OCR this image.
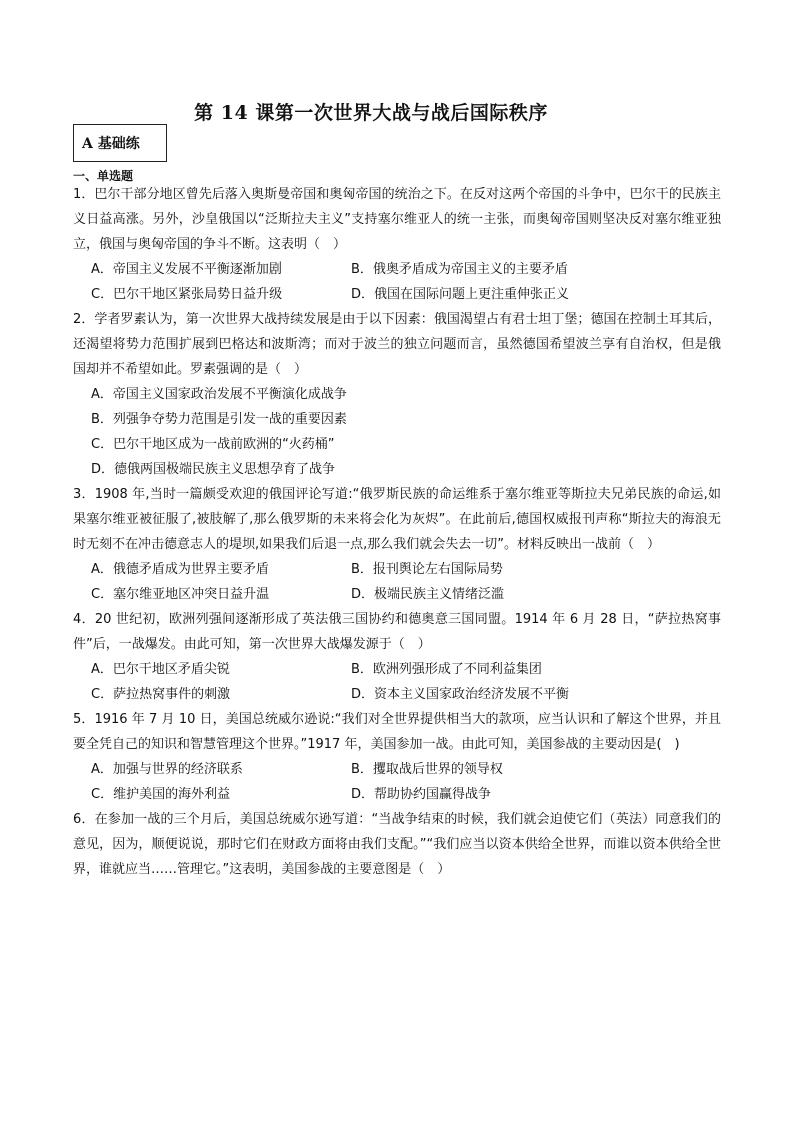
第 14 课第一次世界大战与战后国际秩序
A 基础练
一、单选题
1．巴尔干部分地区曾先后落入奥斯曼帝国和奥匈帝国的统治之下。在反对这两个帝国的斗争中，巴尔干的民族主义日益高涨。另外，沙皇俄国以“泛斯拉夫主义”支持塞尔维亚人的统一主张，而奥匈帝国则坚决反对塞尔维亚独立，俄国与奥匈帝国的争斗不断。这表明（　）
A．帝国主义发展不平衡逐渐加剧	B．俄奥矛盾成为帝国主义的主要矛盾
C．巴尔干地区紧张局势日益升级	D．俄国在国际问题上更注重伸张正义
2．学者罗素认为，第一次世界大战持续发展是由于以下因素：俄国渴望占有君士坦丁堡；德国在控制土耳其后，还渴望将势力范围扩展到巴格达和波斯湾；而对于波兰的独立问题而言，虽然德国希望波兰享有自治权，但是俄国却并不希望如此。罗素强调的是（　）
A．帝国主义国家政治发展不平衡演化成战争
B．列强争夺势力范围是引发一战的重要因素
C．巴尔干地区成为一战前欧洲的“火药桶”
D．德俄两国极端民族主义思想孕育了战争
3．1908 年,当时一篇颇受欢迎的俄国评论写道:“俄罗斯民族的命运维系于塞尔维亚等斯拉夫兄弟民族的命运,如果塞尔维亚被征服了,被肢解了,那么俄罗斯的未来将会化为灰烬”。在此前后,德国权威报刊声称“斯拉夫的海浪无时无刻不在冲击德意志人的堤坝,如果我们后退一点,那么我们就会失去一切”。材料反映出一战前（　）
A．俄德矛盾成为世界主要矛盾	B．报刊舆论左右国际局势
C．塞尔维亚地区冲突日益升温	D．极端民族主义情绪泛滥
4．20 世纪初，欧洲列强间逐渐形成了英法俄三国协约和德奥意三国同盟。1914 年 6 月 28 日，“萨拉热窝事件”后，一战爆发。由此可知，第一次世界大战爆发源于（　）
A．巴尔干地区矛盾尖锐	B．欧洲列强形成了不同利益集团
C．萨拉热窝事件的刺激	D．资本主义国家政治经济发展不平衡
5．1916 年 7 月 10 日，美国总统威尔逊说:“我们对全世界提供相当大的款项，应当认识和了解这个世界，并且要全凭自己的知识和智慧管理这个世界。”1917 年，美国参加一战。由此可知，美国参战的主要动因是(　)
A．加强与世界的经济联系	B．攫取战后世界的领导权
C．维护美国的海外利益	D．帮助协约国赢得战争
6．在参加一战的三个月后，美国总统威尔逊写道：“当战争结束的时候，我们就会迫使它们（英法）同意我们的意见，因为，顺便说说，那时它们在财政方面将由我们支配。”“我们应当以资本供给全世界，而谁以资本供给全世界，谁就应当……管理它。”这表明，美国参战的主要意图是（　）
